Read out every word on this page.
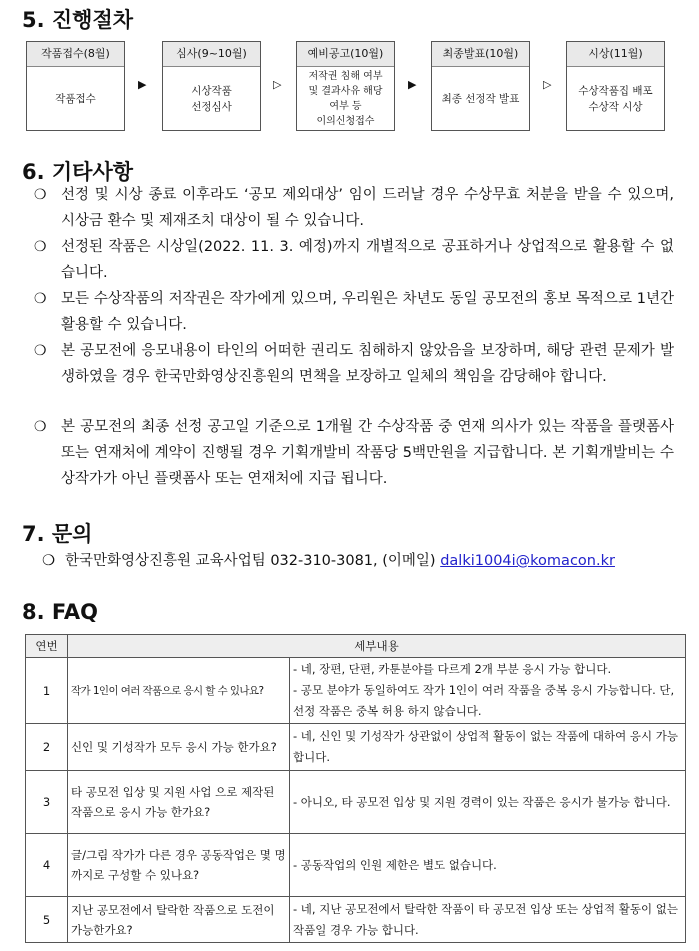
5. 진행절차
작품접수(8월)
작품접수
▶
심사(9~10월)
시상작품
선정심사
▷
예비공고(10월)
저작권 침해 여부
및 결과사유 해당
여부 등
이의신청접수
▶
최종발표(10월)
최종 선정작 발표
▷
시상(11월)
수상작품집 배포
수상작 시상
6. 기타사항
❍ 선정 및 시상 종료 이후라도 ‘공모 제외대상’ 임이 드러날 경우 수상무효 처분을 받을 수 있으며, 시상금 환수 및 제재조치 대상이 될 수 있습니다.
❍ 선정된 작품은 시상일(2022. 11. 3. 예정)까지 개별적으로 공표하거나 상업적으로 활용할 수 없습니다.
❍ 모든 수상작품의 저작권은 작가에게 있으며, 우리원은 차년도 동일 공모전의 홍보 목적으로 1년간 활용할 수 있습니다.
❍ 본 공모전에 응모내용이 타인의 어떠한 권리도 침해하지 않았음을 보장하며, 해당 관련 문제가 발생하였을 경우 한국만화영상진흥원의 면책을 보장하고 일체의 책임을 감당해야 합니다.
❍ 본 공모전의 최종 선정 공고일 기준으로 1개월 간 수상작품 중 연재 의사가 있는 작품을 플랫폼사 또는 연재처에 계약이 진행될 경우 기획개발비 작품당 5백만원을 지급합니다. 본 기획개발비는 수상작가가 아닌 플랫폼사 또는 연재처에 지급 됩니다.
7. 문의
❍ 한국만화영상진흥원 교육사업팀 032-310-3081, (이메일) dalki1004i@komacon.kr
8. FAQ
연번	세부내용	
1	작가 1인이 여러 작품으로 응시 할 수 있나요?	- 네, 장편, 단편, 카툰분야를 다르게 2개 부분 응시 가능 합니다.
- 공모 분야가 동일하여도 작가 1인이 여러 작품을 중복 응시 가능합니다. 단, 선정 작품은 중복 허용 하지 않습니다.

2	신인 및 기성작가 모두 응시 가능 한가요?	- 네, 신인 및 기성작가 상관없이 상업적 활동이 없는 작품에 대하여 응시 가능 합니다.

3	타 공모전 입상 및 지원 사업 으로 제작된 작품으로 응시 가능 한가요?	- 아니오, 타 공모전 입상 및 지원 경력이 있는 작품은 응시가 불가능 합니다.

4	글/그림 작가가 다른 경우 공동작업은 몇 명까지로 구성할 수 있나요?	- 공동작업의 인원 제한은 별도 없습니다.

5	지난 공모전에서 탈락한 작품으로 도전이 가능한가요?	- 네, 지난 공모전에서 탈락한 작품이 타 공모전 입상 또는 상업적 활동이 없는 작품일 경우 가능 합니다.
